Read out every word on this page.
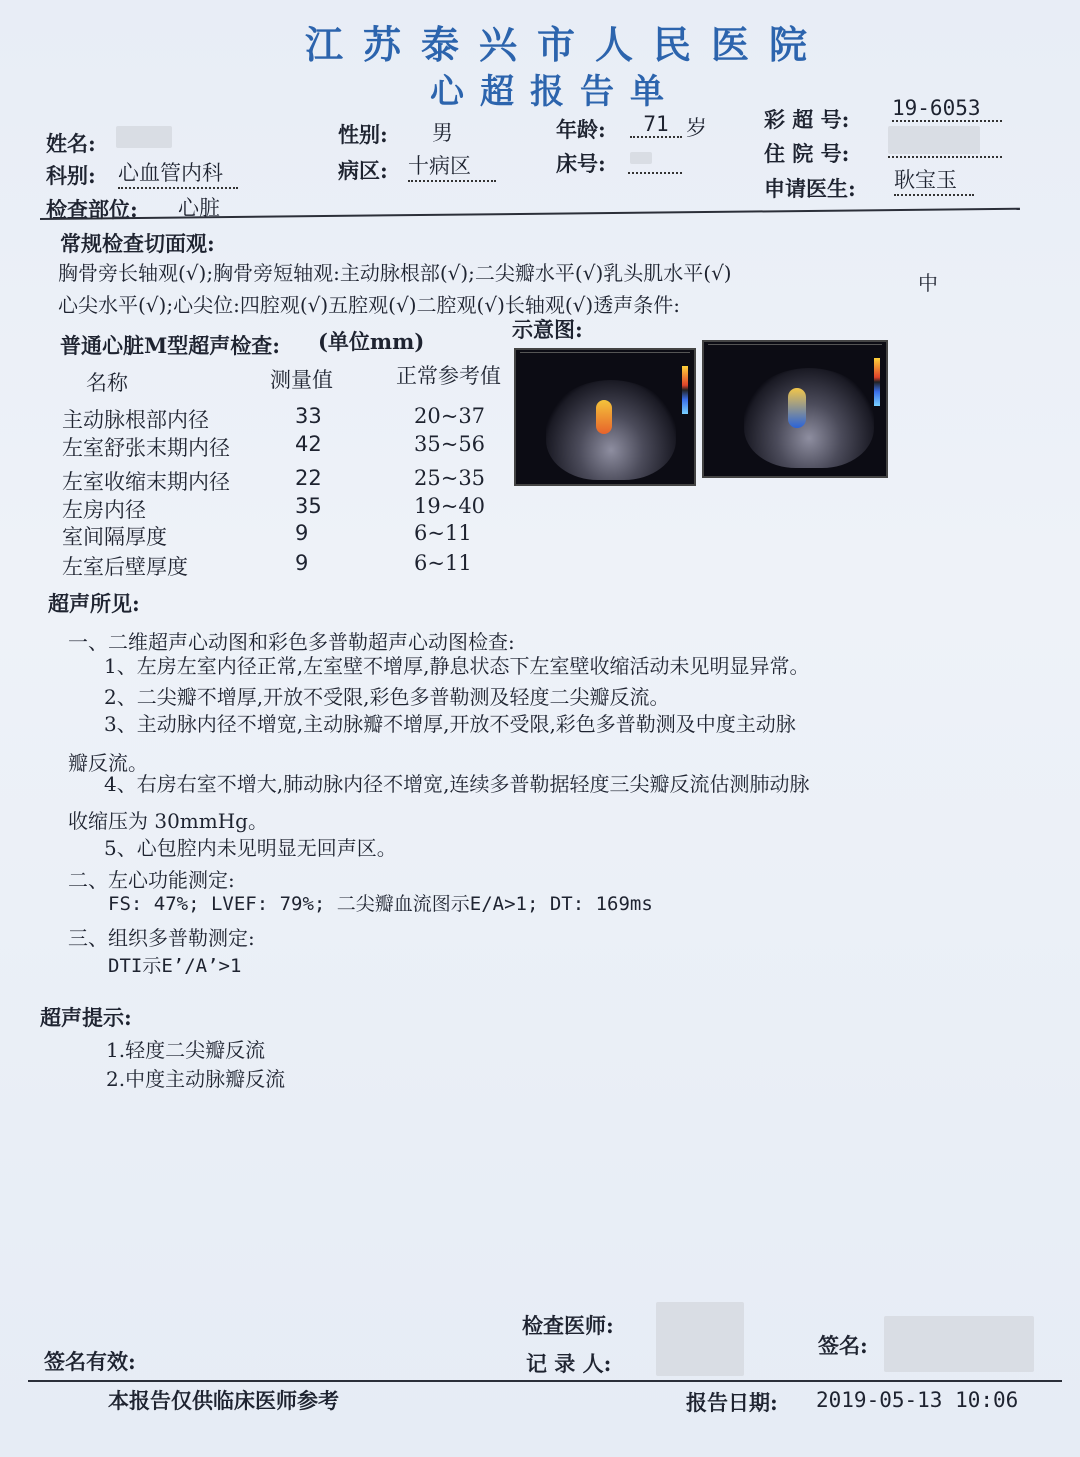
江苏泰兴市人民医院
心超报告单
姓名:	性别: 男	年龄:	71 岁	彩 超 号: 19-6053
科别: 心血管内科	病区: 十病区	床号:	住 院 号:
申请医生: 耿宝玉
检查部位: 心脏
常规检查切面观:
胸骨旁长轴观(√);胸骨旁短轴观:主动脉根部(√);二尖瓣水平(√)乳头肌水平(√)
心尖水平(√);心尖位:四腔观(√)五腔观(√)二腔观(√)长轴观(√)透声条件:
中
普通心脏M型超声检查: (单位mm)
名称	测量值	正常参考值
主动脉根部内径	33	20~37
左室舒张末期内径	42	35~56
左室收缩末期内径	22	25~35
左房内径	35	19~40
室间隔厚度	9	6~11
左室后壁厚度	9	6~11
示意图:
超声所见:
一、二维超声心动图和彩色多普勒超声心动图检查:
1、左房左室内径正常,左室壁不增厚,静息状态下左室壁收缩活动未见明显异常。
2、二尖瓣不增厚,开放不受限,彩色多普勒测及轻度二尖瓣反流。
3、主动脉内径不增宽,主动脉瓣不增厚,开放不受限,彩色多普勒测及中度主动脉
瓣反流。
4、右房右室不增大,肺动脉内径不增宽,连续多普勒据轻度三尖瓣反流估测肺动脉
收缩压为 30mmHg。
5、心包腔内未见明显无回声区。
二、左心功能测定:
FS: 47%; LVEF: 79%; 二尖瓣血流图示E/A>1; DT: 169ms
三、组织多普勒测定:
DTI示E’/A’>1
超声提示:
1.轻度二尖瓣反流
2.中度主动脉瓣反流
检查医师:
签名有效:	记 录 人:
签名:
本报告仅供临床医师参考	报告日期: 2019-05-13 10:06
